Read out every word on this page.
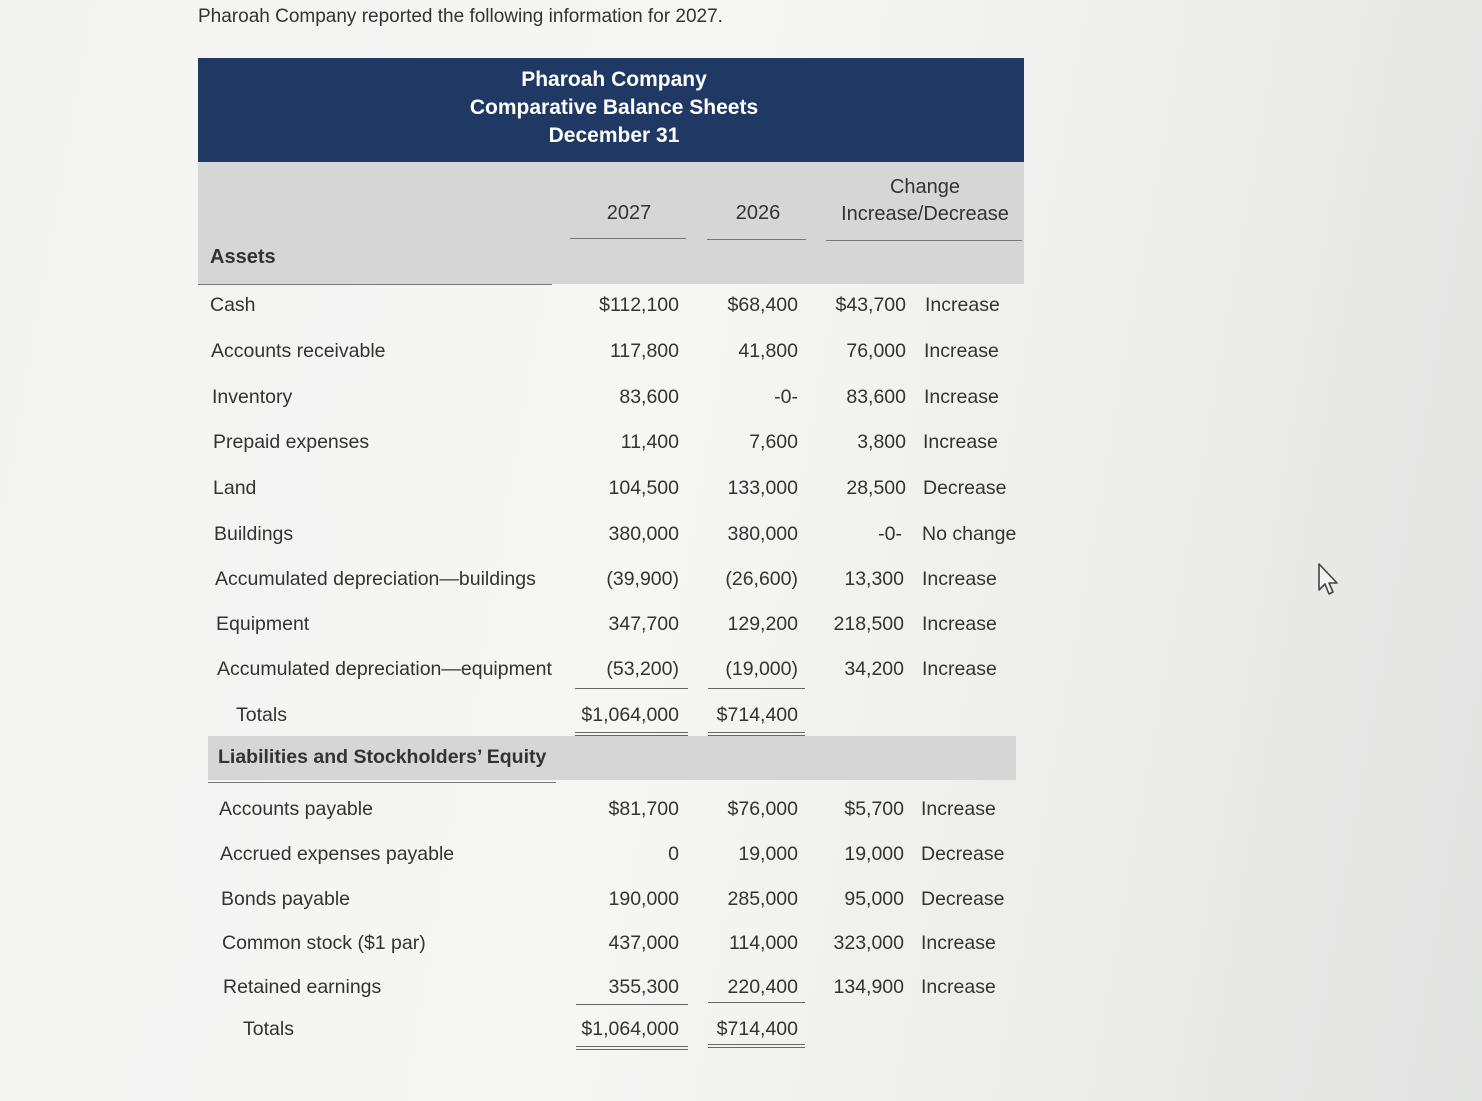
Pharoah Company reported the following information for 2027.
Pharoah Company
Comparative Balance Sheets
December 31
2027	2026
Change
Increase/Decrease
Assets
Cash	$112,100 $68,400 $43,700 Increase
Accounts receivable	117,800	41,800 76,000 Increase
Inventory	83,600	-0- 83,600 Increase
Prepaid expenses	11,400	7,600	3,800 Increase
Land	104,500 133,000 28,500 Decrease
Buildings	380,000 380,000	-0- No change
Accumulated depreciation—buildings	(39,900) (26,600) 13,300 Increase
Equipment	347,700 129,200 218,500 Increase
Accumulated depreciation—equipment	(53,200) (19,000) 34,200 Increase
Totals	$1,064,000 $714,400
Liabilities and Stockholders’ Equity
Accounts payable	$81,700 $76,000 $5,700 Increase
Accrued expenses payable	0	19,000 19,000 Decrease
Bonds payable	190,000 285,000 95,000 Decrease
Common stock ($1 par)	437,000	114,000 323,000 Increase
Retained earnings	355,300 220,400 134,900 Increase
Totals	$1,064,000 $714,400
